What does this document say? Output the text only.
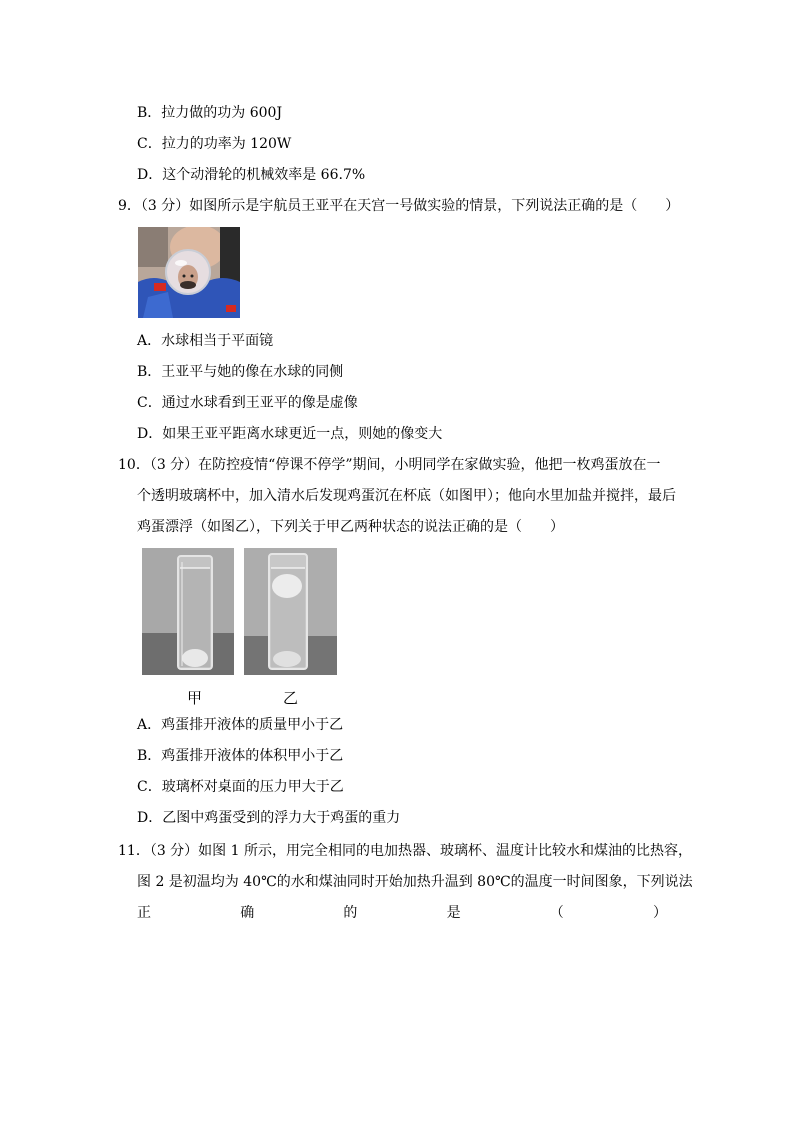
B．拉力做的功为 600J
C．拉力的功率为 120W
D．这个动滑轮的机械效率是 66.7%
9．（3 分）如图所示是宇航员王亚平在天宫一号做实验的情景，下列说法正确的是（　　）
A．水球相当于平面镜
B．王亚平与她的像在水球的同侧
C．通过水球看到王亚平的像是虚像
D．如果王亚平距离水球更近一点，则她的像变大
10．（3 分）在防控疫情“停课不停学”期间，小明同学在家做实验，他把一枚鸡蛋放在一
个透明玻璃杯中，加入清水后发现鸡蛋沉在杯底（如图甲）；他向水里加盐并搅拌，最后
鸡蛋漂浮（如图乙），下列关于甲乙两种状态的说法正确的是（　　）
甲	乙
A．鸡蛋排开液体的质量甲小于乙
B．鸡蛋排开液体的体积甲小于乙
C．玻璃杯对桌面的压力甲大于乙
D．乙图中鸡蛋受到的浮力大于鸡蛋的重力
11．（3 分）如图 1 所示，用完全相同的电加热器、玻璃杯、温度计比较水和煤油的比热容，
图 2 是初温均为 40℃的水和煤油同时开始加热升温到 80℃的温度一时间图象，下列说法
正	确	的	是	（	）
